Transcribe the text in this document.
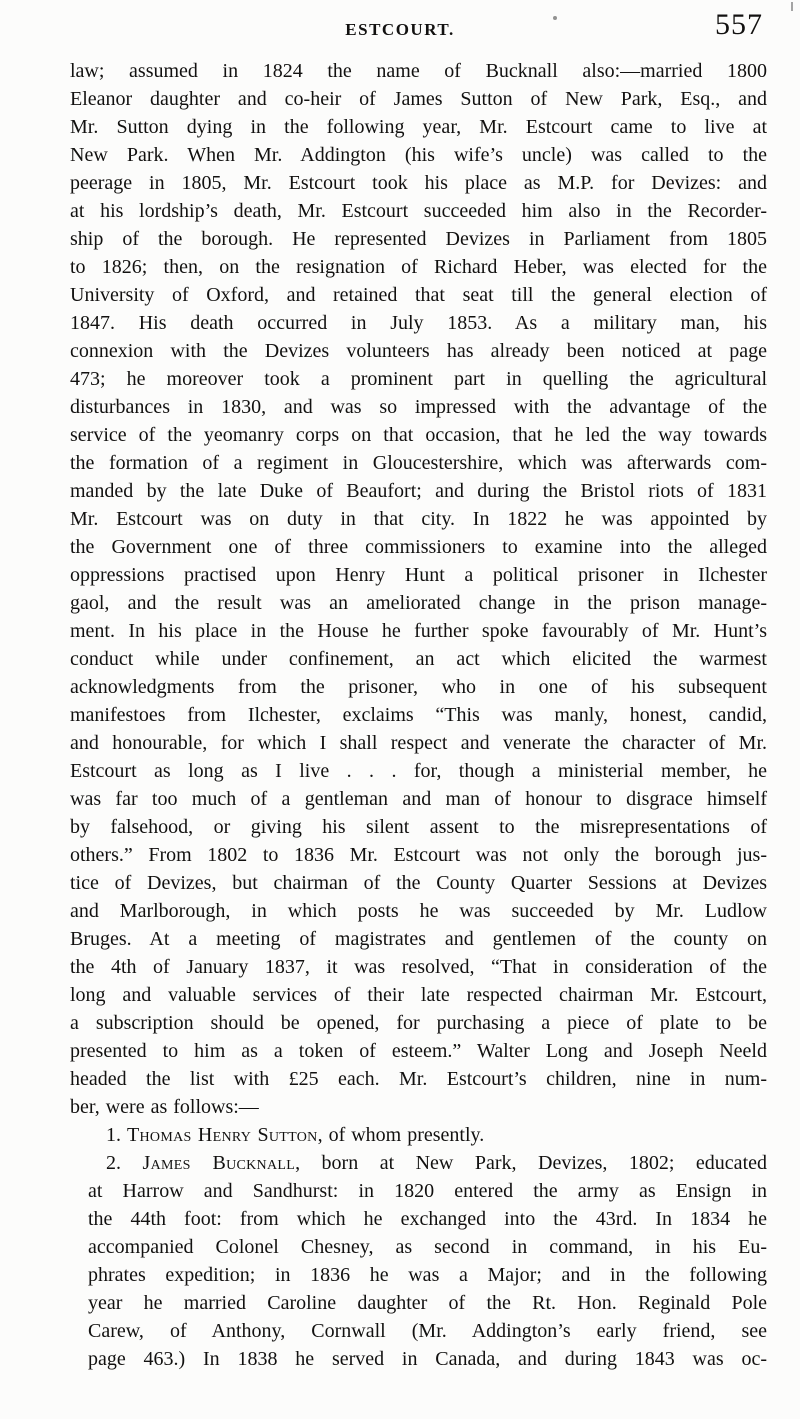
ESTCOURT.	557
law; assumed in 1824 the name of Bucknall also:—married 1800
Eleanor daughter and co-heir of James Sutton of New Park, Esq., and
Mr. Sutton dying in the following year, Mr. Estcourt came to live at
New Park. When Mr. Addington (his wife’s uncle) was called to the
peerage in 1805, Mr. Estcourt took his place as M.P. for Devizes: and
at his lordship’s death, Mr. Estcourt succeeded him also in the Recorder-
ship of the borough. He represented Devizes in Parliament from 1805
to 1826; then, on the resignation of Richard Heber, was elected for the
University of Oxford, and retained that seat till the general election of
1847. His death occurred in July 1853. As a military man, his
connexion with the Devizes volunteers has already been noticed at page
473; he moreover took a prominent part in quelling the agricultural
disturbances in 1830, and was so impressed with the advantage of the
service of the yeomanry corps on that occasion, that he led the way towards
the formation of a regiment in Gloucestershire, which was afterwards com-
manded by the late Duke of Beaufort; and during the Bristol riots of 1831
Mr. Estcourt was on duty in that city. In 1822 he was appointed by
the Government one of three commissioners to examine into the alleged
oppressions practised upon Henry Hunt a political prisoner in Ilchester
gaol, and the result was an ameliorated change in the prison manage-
ment. In his place in the House he further spoke favourably of Mr. Hunt’s
conduct while under confinement, an act which elicited the warmest
acknowledgments from the prisoner, who in one of his subsequent
manifestoes from Ilchester, exclaims “This was manly, honest, candid,
and honourable, for which I shall respect and venerate the character of Mr.
Estcourt as long as I live . . . for, though a ministerial member, he
was far too much of a gentleman and man of honour to disgrace himself
by falsehood, or giving his silent assent to the misrepresentations of
others.” From 1802 to 1836 Mr. Estcourt was not only the borough jus-
tice of Devizes, but chairman of the County Quarter Sessions at Devizes
and Marlborough, in which posts he was succeeded by Mr. Ludlow
Bruges. At a meeting of magistrates and gentlemen of the county on
the 4th of January 1837, it was resolved, “That in consideration of the
long and valuable services of their late respected chairman Mr. Estcourt,
a subscription should be opened, for purchasing a piece of plate to be
presented to him as a token of esteem.” Walter Long and Joseph Neeld
headed the list with £25 each. Mr. Estcourt’s children, nine in num-
ber, were as follows:—
1. Thomas Henry Sutton, of whom presently.
2. James Bucknall, born at New Park, Devizes, 1802; educated
at Harrow and Sandhurst: in 1820 entered the army as Ensign in
the 44th foot: from which he exchanged into the 43rd. In 1834 he
accompanied Colonel Chesney, as second in command, in his Eu-
phrates expedition; in 1836 he was a Major; and in the following
year he married Caroline daughter of the Rt. Hon. Reginald Pole
Carew, of Anthony, Cornwall (Mr. Addington’s early friend, see
page 463.) In 1838 he served in Canada, and during 1843 was oc-
